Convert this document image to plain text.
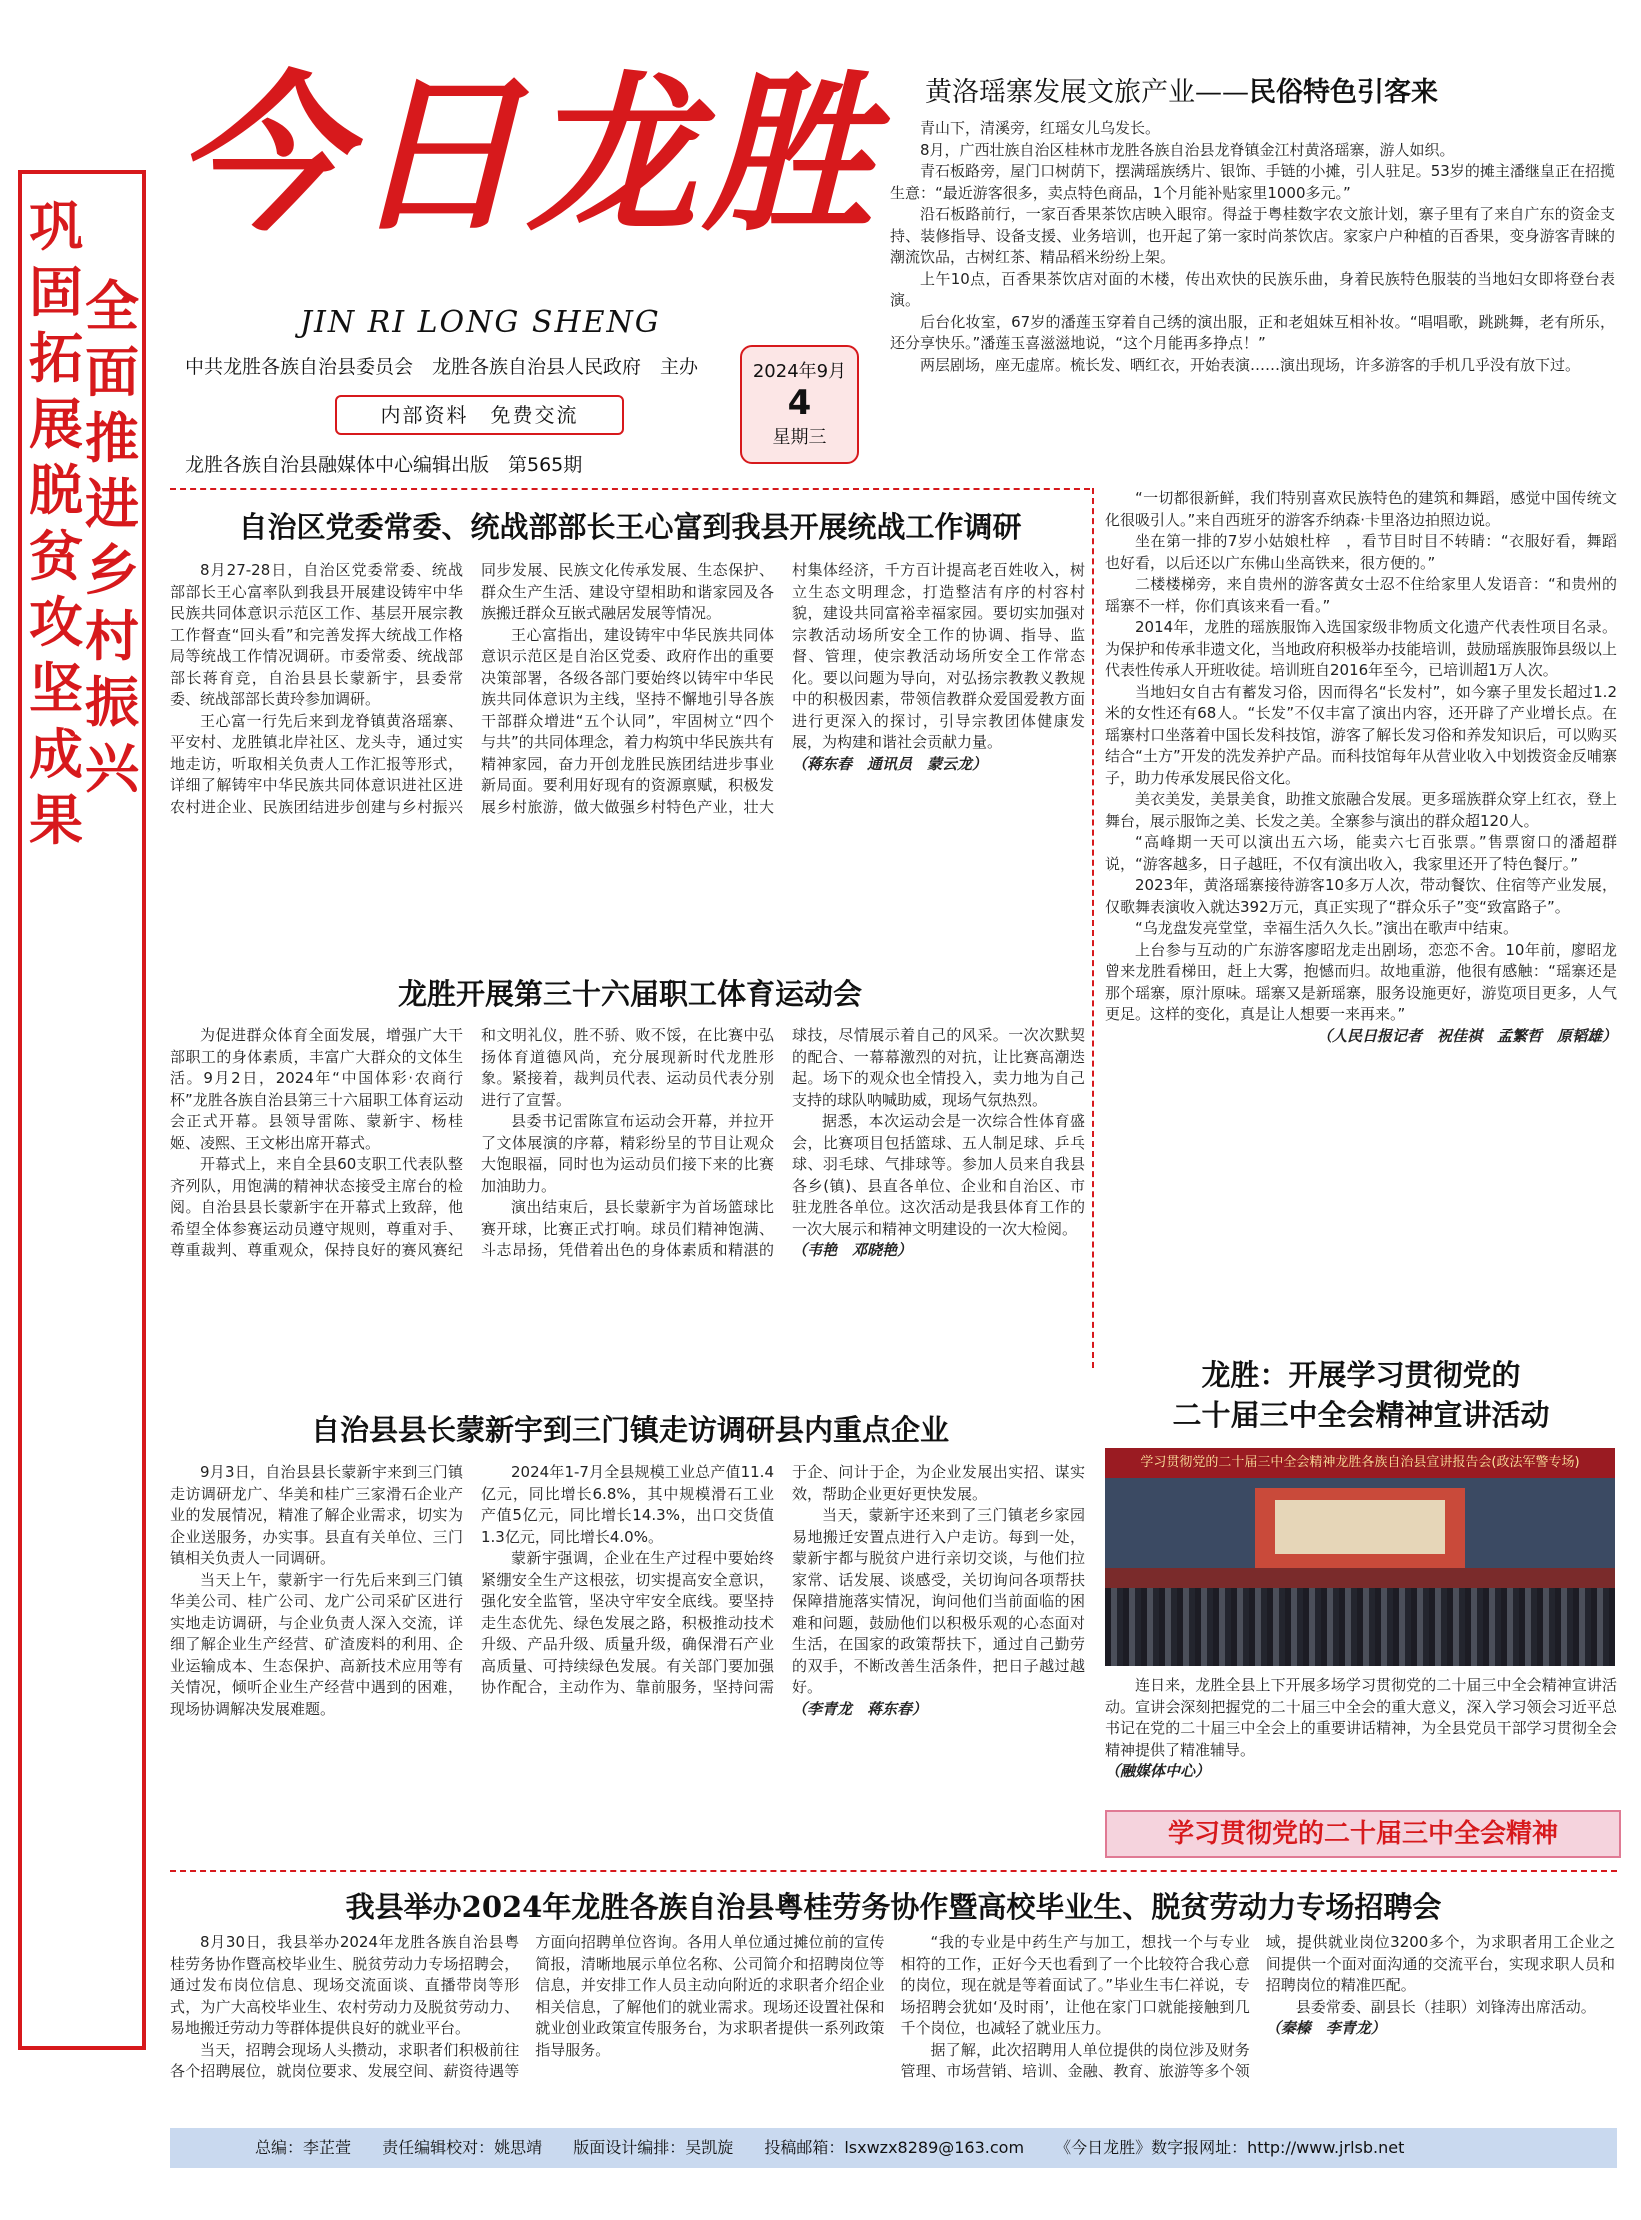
巩固拓展脱贫攻坚成果
全面推进乡村振兴
今日龙胜
JIN RI LONG SHENG
中共龙胜各族自治县委员会　龙胜各族自治县人民政府　主办
内部资料　免费交流
龙胜各族自治县融媒体中心编辑出版　第565期
2024年9月
4
星期三
黄洛瑶寨发展文旅产业——民俗特色引客来
青山下，清溪旁，红瑶女儿乌发长。
8月，广西壮族自治区桂林市龙胜各族自治县龙脊镇金江村黄洛瑶寨，游人如织。
青石板路旁，屋门口树荫下，摆满瑶族绣片、银饰、手链的小摊，引人驻足。53岁的摊主潘继皇正在招揽生意：“最近游客很多，卖点特色商品，1个月能补贴家里1000多元。”
沿石板路前行，一家百香果茶饮店映入眼帘。得益于粤桂数字农文旅计划，寨子里有了来自广东的资金支持、装修指导、设备支援、业务培训，也开起了第一家时尚茶饮店。家家户户种植的百香果，变身游客青睐的潮流饮品，古树红茶、精品稻米纷纷上架。
上午10点，百香果茶饮店对面的木楼，传出欢快的民族乐曲，身着民族特色服装的当地妇女即将登台表演。
后台化妆室，67岁的潘莲玉穿着自己绣的演出服，正和老姐妹互相补妆。“唱唱歌，跳跳舞，老有所乐，还分享快乐。”潘莲玉喜滋滋地说，“这个月能再多挣点！”
两层剧场，座无虚席。梳长发、晒红衣，开始表演……演出现场，许多游客的手机几乎没有放下过。
“一切都很新鲜，我们特别喜欢民族特色的建筑和舞蹈，感觉中国传统文化很吸引人。”来自西班牙的游客乔纳森·卡里洛边拍照边说。
坐在第一排的7岁小姑娘杜梓　，看节目时目不转睛：“衣服好看，舞蹈也好看，以后还以广东佛山坐高铁来，很方便的。”
二楼楼梯旁，来自贵州的游客黄女士忍不住给家里人发语音：“和贵州的瑶寨不一样，你们真该来看一看。”
2014年，龙胜的瑶族服饰入选国家级非物质文化遗产代表性项目名录。为保护和传承非遗文化，当地政府积极举办技能培训，鼓励瑶族服饰县级以上代表性传承人开班收徒。培训班自2016年至今，已培训超1万人次。
当地妇女自古有蓄发习俗，因而得名“长发村”，如今寨子里发长超过1.2米的女性还有68人。“长发”不仅丰富了演出内容，还开辟了产业增长点。在瑶寨村口坐落着中国长发科技馆，游客了解长发习俗和养发知识后，可以购买结合“土方”开发的洗发养护产品。而科技馆每年从营业收入中划拨资金反哺寨子，助力传承发展民俗文化。
美衣美发，美景美食，助推文旅融合发展。更多瑶族群众穿上红衣，登上舞台，展示服饰之美、长发之美。全寨参与演出的群众超120人。
“高峰期一天可以演出五六场，能卖六七百张票。”售票窗口的潘超群说，“游客越多，日子越旺，不仅有演出收入，我家里还开了特色餐厅。”
2023年，黄洛瑶寨接待游客10多万人次，带动餐饮、住宿等产业发展，仅歌舞表演收入就达392万元，真正实现了“群众乐子”变“致富路子”。
“乌龙盘发亮堂堂，幸福生活久久长。”演出在歌声中结束。
上台参与互动的广东游客廖昭龙走出剧场，恋恋不舍。10年前，廖昭龙曾来龙胜看梯田，赶上大雾，抱憾而归。故地重游，他很有感触：“瑶寨还是那个瑶寨，原汁原味。瑶寨又是新瑶寨，服务设施更好，游览项目更多，人气更足。这样的变化，真是让人想要一来再来。”
（人民日报记者　祝佳祺　孟繁哲　原韬雄）
自治区党委常委、统战部部长王心富到我县开展统战工作调研
8月27-28日，自治区党委常委、统战部部长王心富率队到我县开展建设铸牢中华民族共同体意识示范区工作、基层开展宗教工作督查“回头看”和完善发挥大统战工作格局等统战工作情况调研。市委常委、统战部部长蒋育竞，自治县县长蒙新宇，县委常委、统战部部长黄玲参加调研。
王心富一行先后来到龙脊镇黄洛瑶寨、平安村、龙胜镇北岸社区、龙头寺，通过实地走访，听取相关负责人工作汇报等形式，详细了解铸牢中华民族共同体意识进社区进农村进企业、民族团结进步创建与乡村振兴同步发展、民族文化传承发展、生态保护、群众生产生活、建设守望相助和谐家园及各族搬迁群众互嵌式融居发展等情况。
王心富指出，建设铸牢中华民族共同体意识示范区是自治区党委、政府作出的重要决策部署，各级各部门要始终以铸牢中华民族共同体意识为主线，坚持不懈地引导各族干部群众增进“五个认同”，牢固树立“四个与共”的共同体理念，着力构筑中华民族共有精神家园，奋力开创龙胜民族团结进步事业新局面。要利用好现有的资源禀赋，积极发展乡村旅游，做大做强乡村特色产业，壮大村集体经济，千方百计提高老百姓收入，树立生态文明理念，打造整洁有序的村容村貌，建设共同富裕幸福家园。要切实加强对宗教活动场所安全工作的协调、指导、监督、管理，使宗教活动场所安全工作常态化。要以问题为导向，对弘扬宗教教义教规中的积极因素，带领信教群众爱国爱教方面进行更深入的探讨，引导宗教团体健康发展，为构建和谐社会贡献力量。
（蒋东春　通讯员　蒙云龙）
龙胜开展第三十六届职工体育运动会
为促进群众体育全面发展，增强广大干部职工的身体素质，丰富广大群众的文体生活。9月2日，2024年“中国体彩·农商行杯”龙胜各族自治县第三十六届职工体育运动会正式开幕。县领导雷陈、蒙新宇、杨桂姬、凌熙、王文彬出席开幕式。
开幕式上，来自全县60支职工代表队整齐列队，用饱满的精神状态接受主席台的检阅。自治县县长蒙新宇在开幕式上致辞，他希望全体参赛运动员遵守规则，尊重对手、尊重裁判、尊重观众，保持良好的赛风赛纪和文明礼仪，胜不骄、败不馁，在比赛中弘扬体育道德风尚，充分展现新时代龙胜形象。紧接着，裁判员代表、运动员代表分别进行了宣誓。
县委书记雷陈宣布运动会开幕，并拉开了文体展演的序幕，精彩纷呈的节目让观众大饱眼福，同时也为运动员们接下来的比赛加油助力。
演出结束后，县长蒙新宇为首场篮球比赛开球，比赛正式打响。球员们精神饱满、斗志昂扬，凭借着出色的身体素质和精湛的球技，尽情展示着自己的风采。一次次默契的配合、一幕幕激烈的对抗，让比赛高潮迭起。场下的观众也全情投入，卖力地为自己支持的球队呐喊助威，现场气氛热烈。
据悉，本次运动会是一次综合性体育盛会，比赛项目包括篮球、五人制足球、乒乓球、羽毛球、气排球等。参加人员来自我县各乡(镇)、县直各单位、企业和自治区、市驻龙胜各单位。这次活动是我县体育工作的一次大展示和精神文明建设的一次大检阅。
（韦艳　邓晓艳）
自治县县长蒙新宇到三门镇走访调研县内重点企业
9月3日，自治县县长蒙新宇来到三门镇走访调研龙广、华美和桂广三家滑石企业产业的发展情况，精准了解企业需求，切实为企业送服务，办实事。县直有关单位、三门镇相关负责人一同调研。
当天上午，蒙新宇一行先后来到三门镇华美公司、桂广公司、龙广公司采矿区进行实地走访调研，与企业负责人深入交流，详细了解企业生产经营、矿渣废料的利用、企业运输成本、生态保护、高新技术应用等有关情况，倾听企业生产经营中遇到的困难，现场协调解决发展难题。
2024年1-7月全县规模工业总产值11.4亿元，同比增长6.8%，其中规模滑石工业产值5亿元，同比增长14.3%，出口交货值1.3亿元，同比增长4.0%。
蒙新宇强调，企业在生产过程中要始终紧绷安全生产这根弦，切实提高安全意识，强化安全监管，坚决守牢安全底线。要坚持走生态优先、绿色发展之路，积极推动技术升级、产品升级、质量升级，确保滑石产业高质量、可持续绿色发展。有关部门要加强协作配合，主动作为、靠前服务，坚持问需于企、问计于企，为企业发展出实招、谋实效，帮助企业更好更快发展。
当天，蒙新宇还来到了三门镇老乡家园易地搬迁安置点进行入户走访。每到一处，蒙新宇都与脱贫户进行亲切交谈，与他们拉家常、话发展、谈感受，关切询问各项帮扶保障措施落实情况，询问他们当前面临的困难和问题，鼓励他们以积极乐观的心态面对生活，在国家的政策帮扶下，通过自己勤劳的双手，不断改善生活条件，把日子越过越好。
（李青龙　蒋东春）
龙胜：开展学习贯彻党的
二十届三中全会精神宣讲活动
学习贯彻党的二十届三中全会精神龙胜各族自治县宣讲报告会(政法军警专场)
连日来，龙胜全县上下开展多场学习贯彻党的二十届三中全会精神宣讲活动。宣讲会深刻把握党的二十届三中全会的重大意义，深入学习领会习近平总书记在党的二十届三中全会上的重要讲话精神，为全县党员干部学习贯彻全会精神提供了精准辅导。
（融媒体中心）
学习贯彻党的二十届三中全会精神
我县举办2024年龙胜各族自治县粤桂劳务协作暨高校毕业生、脱贫劳动力专场招聘会
8月30日，我县举办2024年龙胜各族自治县粤桂劳务协作暨高校毕业生、脱贫劳动力专场招聘会，通过发布岗位信息、现场交流面谈、直播带岗等形式，为广大高校毕业生、农村劳动力及脱贫劳动力、易地搬迁劳动力等群体提供良好的就业平台。
当天，招聘会现场人头攒动，求职者们积极前往各个招聘展位，就岗位要求、发展空间、薪资待遇等方面向招聘单位咨询。各用人单位通过摊位前的宣传简报，清晰地展示单位名称、公司简介和招聘岗位等信息，并安排工作人员主动向附近的求职者介绍企业相关信息，了解他们的就业需求。现场还设置社保和就业创业政策宣传服务台，为求职者提供一系列政策指导服务。
“我的专业是中药生产与加工，想找一个与专业相符的工作，正好今天也看到了一个比较符合我心意的岗位，现在就是等着面试了。”毕业生韦仁祥说，专场招聘会犹如‘及时雨’，让他在家门口就能接触到几千个岗位，也减轻了就业压力。
据了解，此次招聘用人单位提供的岗位涉及财务管理、市场营销、培训、金融、教育、旅游等多个领域，提供就业岗位3200多个，为求职者用工企业之间提供一个面对面沟通的交流平台，实现求职人员和招聘岗位的精准匹配。
县委常委、副县长（挂职）刘锋涛出席活动。
（秦榛　李青龙）
总编：李芷萱 责任编辑校对：姚思靖 版面设计编排：吴凯旋 投稿邮箱：lsxwzx8289@163.com 《今日龙胜》数字报网址：http://www.jrlsb.net
